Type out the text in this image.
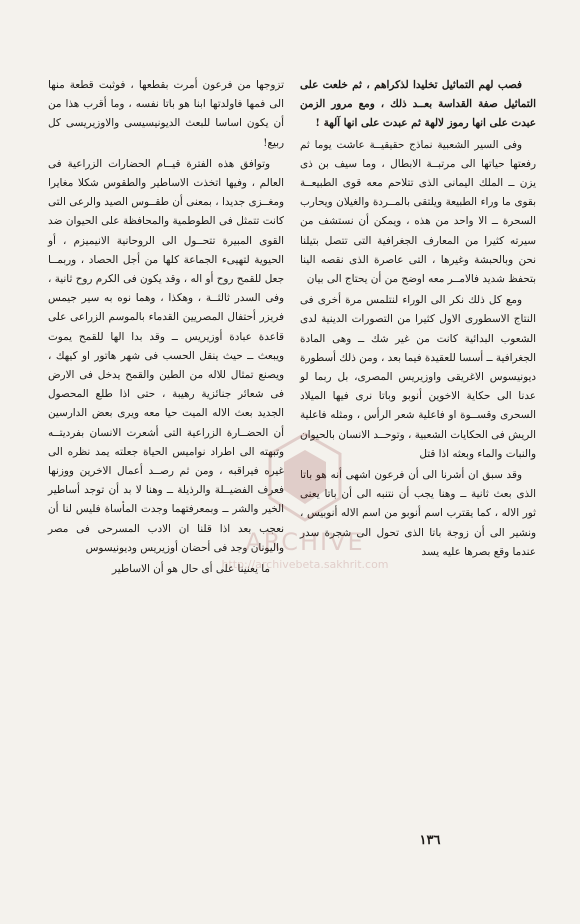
فصب لهم التماثيل تخليدا لذكراهم ، ثم خلعت على التماثيل صفة القداسة بعــد ذلك ، ومع مرور الزمن عبدت على انها رموز لالهة ثم عبدت على انها آلهة !

وفى السير الشعبية نماذج حقيقيــة عاشت يوما ثم رفعتها حياتها الى مرتبــة الابطال ، وما سيف بن ذى يزن ــ الملك اليمانى الذى تتلاحم معه قوى الطبيعــة بقوى ما وراء الطبيعة ويلتقى بالمــردة والغيلان ويحارب السحرة ــ الا واحد من هذه ، ويمكن أن نستشف من سيرته كثيرا من المعارف الجغرافية التى تتصل بتيلنا نحن وبالحبشة وغيرها ، التى عاصرة الذى نقصه الينا بتحفظ شديد فالامــر معه اوضح من أن يحتاج الى بيان

ومع كل ذلك نكر الى الوراء لنتلمس مرة أخرى فى النتاج الاسطورى الاول كثيرا من التصورات الدينية لدى الشعوب البدائية كانت من غير شك ــ وهى المادة الجغرافية ــ أسسا للعقيدة فيما بعد ، ومن ذلك أسطورة ديونيسوس الاغريقى واوزيريس المصرى، بل ربما لو عدنا الى حكاية الاخوين أنوبو وباتا نرى فيها الميلاد السحرى وقســوة او فاعلية شعر الرأس ، ومثله فاعلية الريش فى الحكايات الشعبية ، وتوحــد الانسان بالحيوان والنبات والماء وبعثه اذا قتل

وقد سبق ان أشرنا الى أن فرعون اشهى أنه هو باتا الذى بعث ثانية ــ وهنا يجب أن نتنبه الى أن باتا يعنى ثور الاله ، كما يقترب اسم أنوبو من اسم الاله أنوبيس ، ونشير الى أن زوجة باتا الذى تحول الى شجرة سدر عندما وقع بصرها عليه يسد

تزوجها من فرعون أمرت بقطعها ، فوثبت قطعة منها الى فمها فاولدتها ابنا هو باتا نفسه ، وما أقرب هذا من أن يكون اساسا للبعث الديونيسيسى والاوزيريسى كل ربيع!

وتوافق هذه الفترة قيــام الحضارات الزراعية فى العالم ، وفيها اتخذت الاساطير والطقوس شكلا مغايرا ومغــزى جديدا ، بمعنى أن طقــوس الصيد والرعى التى كانت تتمثل فى الطوطمية والمحافظة على الحيوان ضد القوى المبيرة تتحــول الى الروحانية الانيميزم ، أو الحيوية لتهيىء الجماعة كلها من أجل الحصاد ، وربمــا جعل للقمح روح أو اله ، وقد يكون فى الكرم روح ثانية ، وفى السدر ثالثــة ، وهكذا ، وهما نوه به سير جيمس فريزر أحتفال المصريين القدماء بالموسم الزراعى على قاعدة عبادة أوزيريس ــ وقد بدا الها للقمح يموت ويبعث ــ حيث ينقل الحسب فى شهر هاتور او كيهك ، ويصنع تمثال للاله من الطين والقمح يدخل فى الارض فى شعائر جنائزية رهيبة ، حتى اذا طلع المحصول الجديد بعث الاله الميت حيا معه ويرى بعض الدارسين أن الحضــارة الزراعية التى أشعرت الانسان بفرديتــه وتبهته الى اطراد نواميس الحياة جعلته يمد نظره الى غيره فيراقبه ، ومن ثم رصــد أعمال الاخرين ووزنها فعرف الفضيــلة والرذيلة ــ وهنا لا بد أن توجد أساطير الخير والشر ــ وبمعرفتهما وجدت المأساة فليس لنا أن نعجب بعد اذا قلنا ان الادب المسرحى فى مصر واليونان وجد فى أحضان أوزيريس وديونيسوس

ما يعنينا على أى حال هو أن الاساطير

١٣٦
ARCHIVE
http://archivebeta.sakhrit.com
